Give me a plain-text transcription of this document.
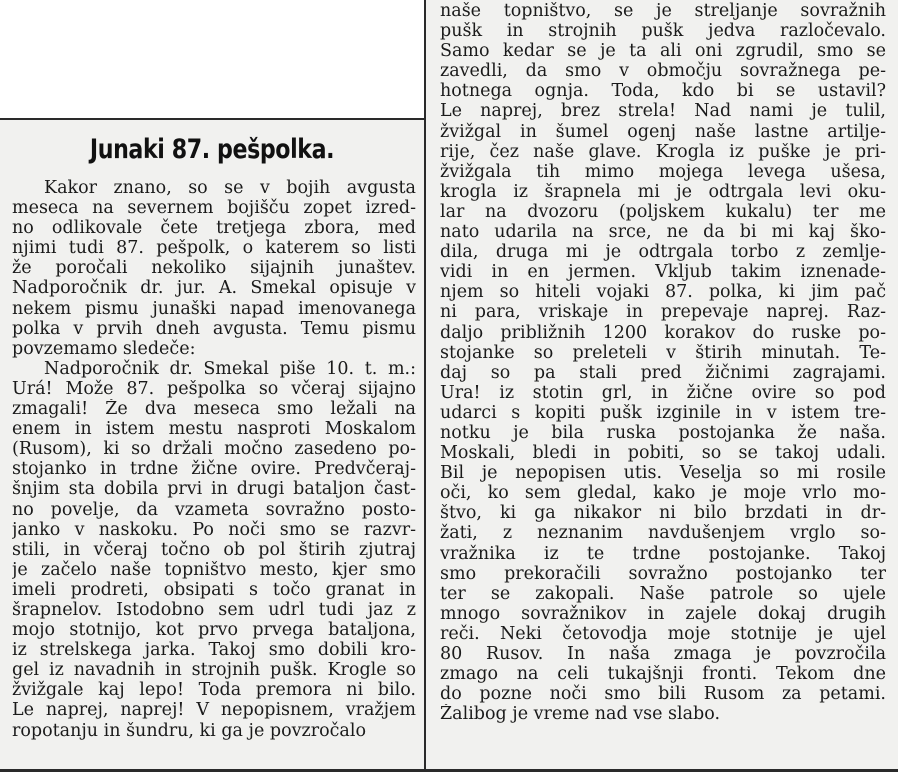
Junaki 87. pešpolka.
Kakor znano, so se v bojih avgusta
meseca na severnem bojišču zopet izred-
no odlikovale čete tretjega zbora, med
njimi tudi 87. pešpolk, o katerem so listi
že poročali nekoliko sijajnih junaštev.
Nadporočnik dr. jur. A. Smekal opisuje v
nekem pismu junaški napad imenovanega
polka v prvih dneh avgusta. Temu pismu
povzemamo sledeče:
Nadporočnik dr. Smekal piše 10. t. m.:
Urá! Može 87. pešpolka so včeraj sijajno
zmagali! Že dva meseca smo ležali na
enem in istem mestu nasproti Moskalom
(Rusom), ki so držali močno zasedeno po-
stojanko in trdne žične ovire. Predvčeraj-
šnjim sta dobila prvi in drugi bataljon čast-
no povelje, da vzameta sovražno posto-
janko v naskoku. Po noči smo se razvr-
stili, in včeraj točno ob pol štirih zjutraj
je začelo naše topništvo mesto, kjer smo
imeli prodreti, obsipati s točo granat in
šrapnelov. Istodobno sem udrl tudi jaz z
mojo stotnijo, kot prvo prvega bataljona,
iz strelskega jarka. Takoj smo dobili kro-
gel iz navadnih in strojnih pušk. Krogle so
žvižgale kaj lepo! Toda premora ni bilo.
Le naprej, naprej! V nepopisnem, vražjem
ropotanju in šundru, ki ga je povzročalo
naše topništvo, se je streljanje sovražnih
pušk in strojnih pušk jedva razločevalo.
Samo kedar se je ta ali oni zgrudil, smo se
zavedli, da smo v območju sovražnega pe-
hotnega ognja. Toda, kdo bi se ustavil?
Le naprej, brez strela! Nad nami je tulil,
žvižgal in šumel ogenj naše lastne artilje-
rije, čez naše glave. Krogla iz puške je pri-
žvižgala tih mimo mojega levega ušesa,
krogla iz šrapnela mi je odtrgala levi oku-
lar na dvozoru (poljskem kukalu) ter me
nato udarila na srce, ne da bi mi kaj ško-
dila, druga mi je odtrgala torbo z zemlje-
vidi in en jermen. Vkljub takim iznenade-
njem so hiteli vojaki 87. polka, ki jim pač
ni para, vriskaje in prepevaje naprej. Raz-
daljo približnih 1200 korakov do ruske po-
stojanke so preleteli v štirih minutah. Te-
daj so pa stali pred žičnimi zagrajami.
Ura! iz stotin grl, in žične ovire so pod
udarci s kopiti pušk izginile in v istem tre-
notku je bila ruska postojanka že naša.
Moskali, bledi in pobiti, so se takoj udali.
Bil je nepopisen utis. Veselja so mi rosile
oči, ko sem gledal, kako je moje vrlo mo-
štvo, ki ga nikakor ni bilo brzdati in dr-
žati, z neznanim navdušenjem vrglo so-
vražnika iz te trdne postojanke. Takoj
smo prekoračili sovražno postojanko ter
ter se zakopali. Naše patrole so ujele
mnogo sovražnikov in zajele dokaj drugih
reči. Neki četovodja moje stotnije je ujel
80 Rusov. In naša zmaga je povzročila
zmago na celi tukajšnji fronti. Tekom dne
do pozne noči smo bili Rusom za petami.
Žalibog je vreme nad vse slabo.
